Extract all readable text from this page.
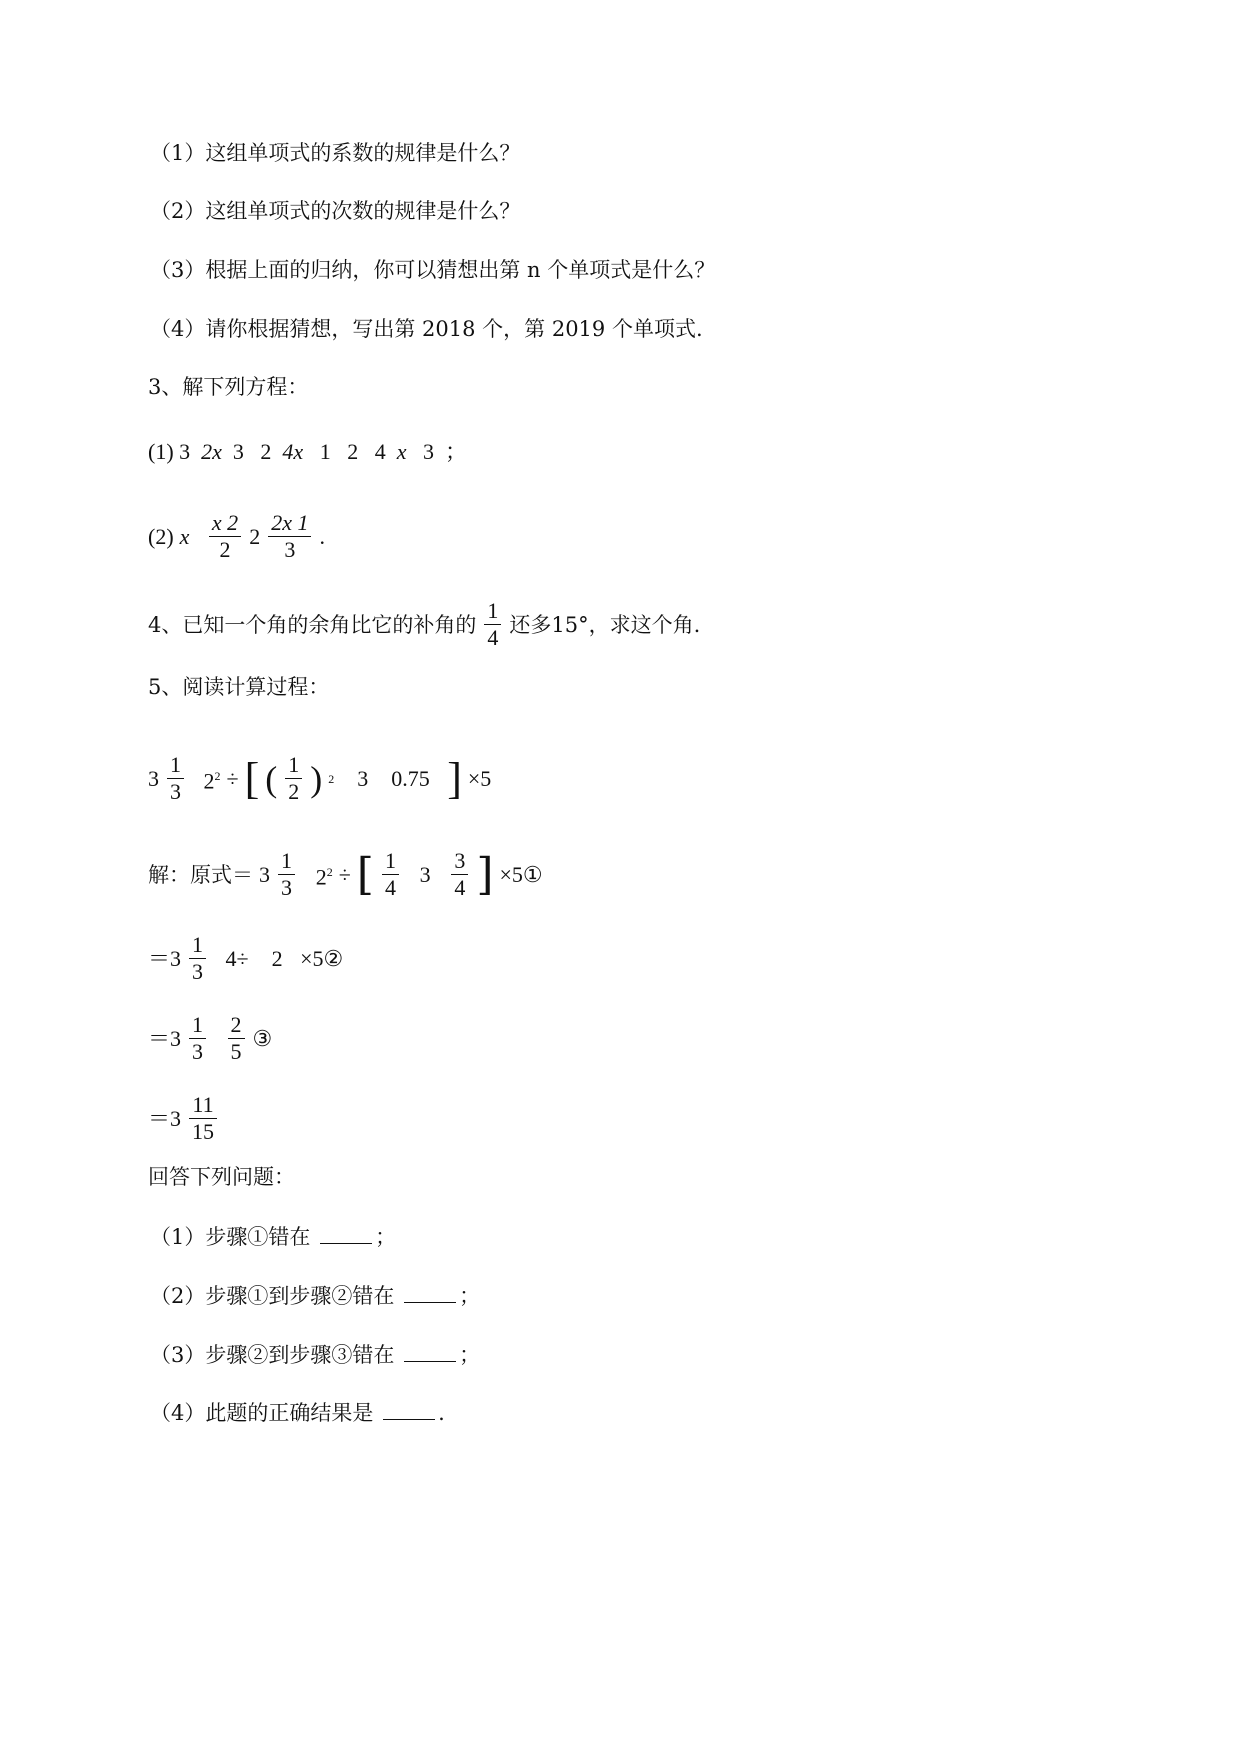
（1）这组单项式的系数的规律是什么？
（2）这组单项式的次数的规律是什么？
（3）根据上面的归纳，你可以猜想出第 n 个单项式是什么？
（4）请你根据猜想，写出第 2018 个，第 2019 个单项式.
3、解下列方程：
(1) 3 2x 3 2 4x 1 2 4 x 3 ；
(2) x
$\frac{x 2}{2} 2 \frac{2x 1}{3}$ .
4、已知一个角的余角比它的补角的 $\frac{1}{4}$ 还多15°，求这个角.
5、阅读计算过程：
$3 \frac{1}{3}$
$2^2$ ÷ [ ( $\frac{1}{2}$ ) 2
3
0.75
] ×5
解：原式＝ $3 \frac{1}{3}$
$2^2$ ÷ [ $\frac{1}{4}$
3
$\frac{3}{4}$ ] ×5①
$=3 \frac{1}{3}$
4÷
2
×5②
$=3 \frac{1}{3}$
$\frac{2}{5}$ ③
$=3 \frac{11}{15}$
回答下列问题：
（1）步骤①错在	；
（2）步骤①到步骤②错在	；
（3）步骤②到步骤③错在	；
（4）此题的正确结果是	.
